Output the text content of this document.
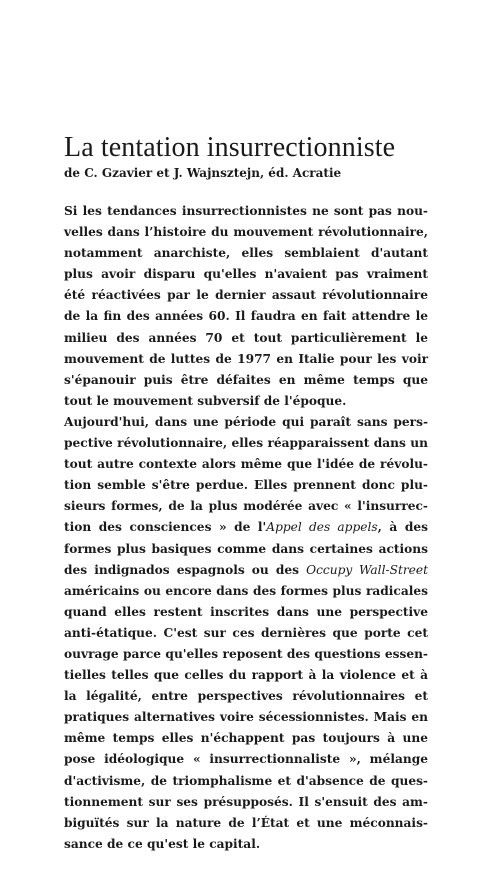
La tentation insurrectionniste
de C. Gzavier et J. Wajnsztejn, éd. Acratie
Si les tendances insurrectionnistes ne sont pas nou-
velles dans l’histoire du mouvement révolutionnaire,
notamment anarchiste, elles semblaient d'autant
plus avoir disparu qu'elles n'avaient pas vraiment
été réactivées par le dernier assaut révolutionnaire
de la fin des années 60. Il faudra en fait attendre le
milieu des années 70 et tout particulièrement le
mouvement de luttes de 1977 en Italie pour les voir
s'épanouir puis être défaites en même temps que
tout le mouvement subversif de l'époque.
Aujourd'hui, dans une période qui paraît sans pers-
pective révolutionnaire, elles réapparaissent dans un
tout autre contexte alors même que l'idée de révolu-
tion semble s'être perdue. Elles prennent donc plu-
sieurs formes, de la plus modérée avec « l'insurrec-
tion des consciences » de l'Appel des appels, à des
formes plus basiques comme dans certaines actions
des indignados espagnols ou des Occupy Wall-Street
américains ou encore dans des formes plus radicales
quand elles restent inscrites dans une perspective
anti-étatique. C'est sur ces dernières que porte cet
ouvrage parce qu'elles reposent des questions essen-
tielles telles que celles du rapport à la violence et à
la légalité, entre perspectives révolutionnaires et
pratiques alternatives voire sécessionnistes. Mais en
même temps elles n'échappent pas toujours à une
pose idéologique « insurrectionnaliste », mélange
d'activisme, de triomphalisme et d'absence de ques-
tionnement sur ses présupposés. Il s'ensuit des am-
biguïtés sur la nature de l’État et une méconnais-
sance de ce qu'est le capital.
